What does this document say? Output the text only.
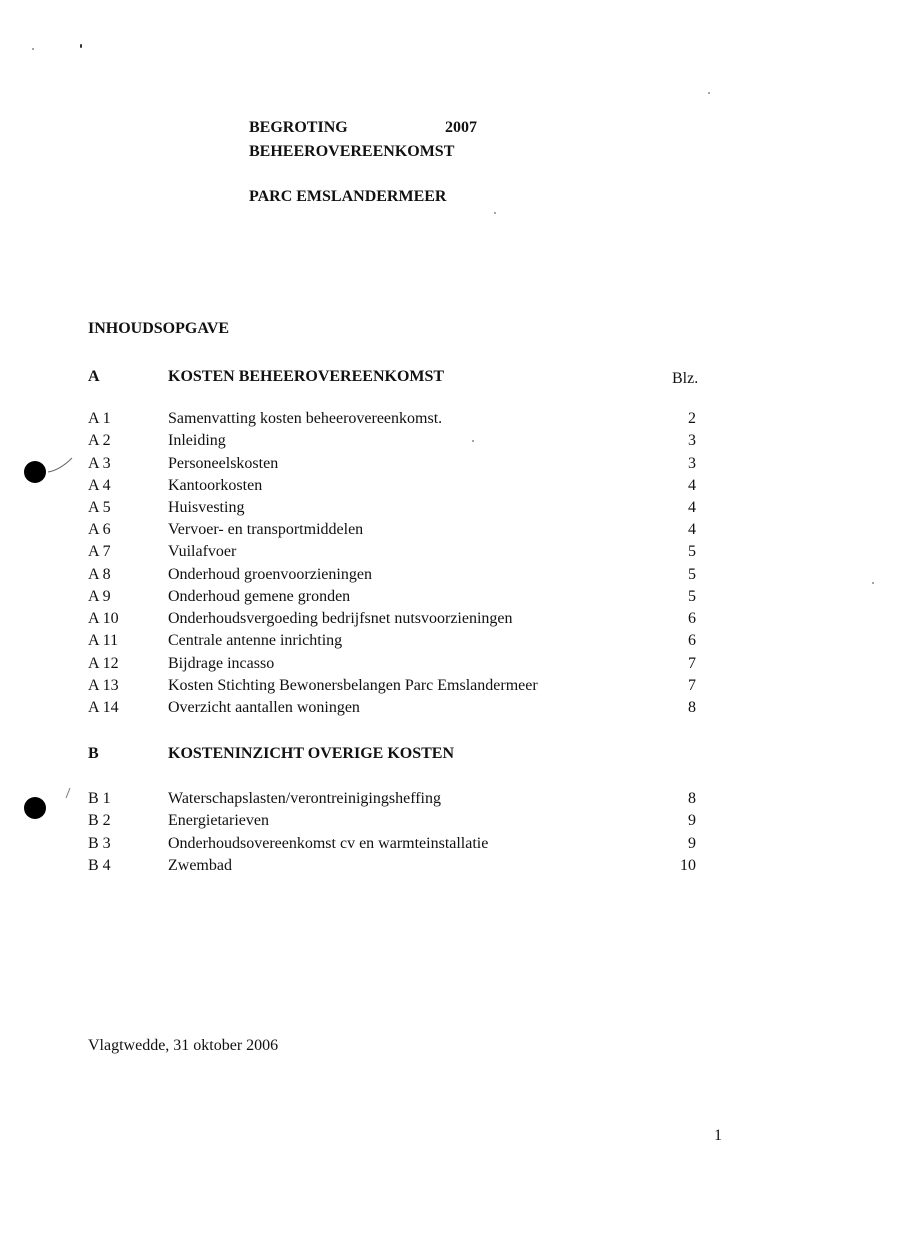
BEGROTING	2007
BEHEEROVEREENKOMST
PARC EMSLANDERMEER
INHOUDSOPGAVE
A	KOSTEN BEHEEROVEREENKOMST	Blz.
A 1	Samenvatting kosten beheerovereenkomst.	2
A 2	Inleiding	3
A 3	Personeelskosten	3
A 4	Kantoorkosten	4
A 5	Huisvesting	4
A 6	Vervoer- en transportmiddelen	4
A 7	Vuilafvoer	5
A 8	Onderhoud groenvoorzieningen	5
A 9	Onderhoud gemene gronden	5
A 10	Onderhoudsvergoeding bedrijfsnet nutsvoorzieningen	6
A 11	Centrale antenne inrichting	6
A 12	Bijdrage incasso	7
A 13	Kosten Stichting Bewonersbelangen Parc Emslandermeer	7
A 14	Overzicht aantallen woningen	8
B	KOSTENINZICHT OVERIGE KOSTEN
B 1	Waterschapslasten/verontreinigingsheffing	8
B 2	Energietarieven	9
B 3	Onderhoudsovereenkomst cv en warmteinstallatie	9
B 4	Zwembad	10
Vlagtwedde, 31 oktober 2006
1
